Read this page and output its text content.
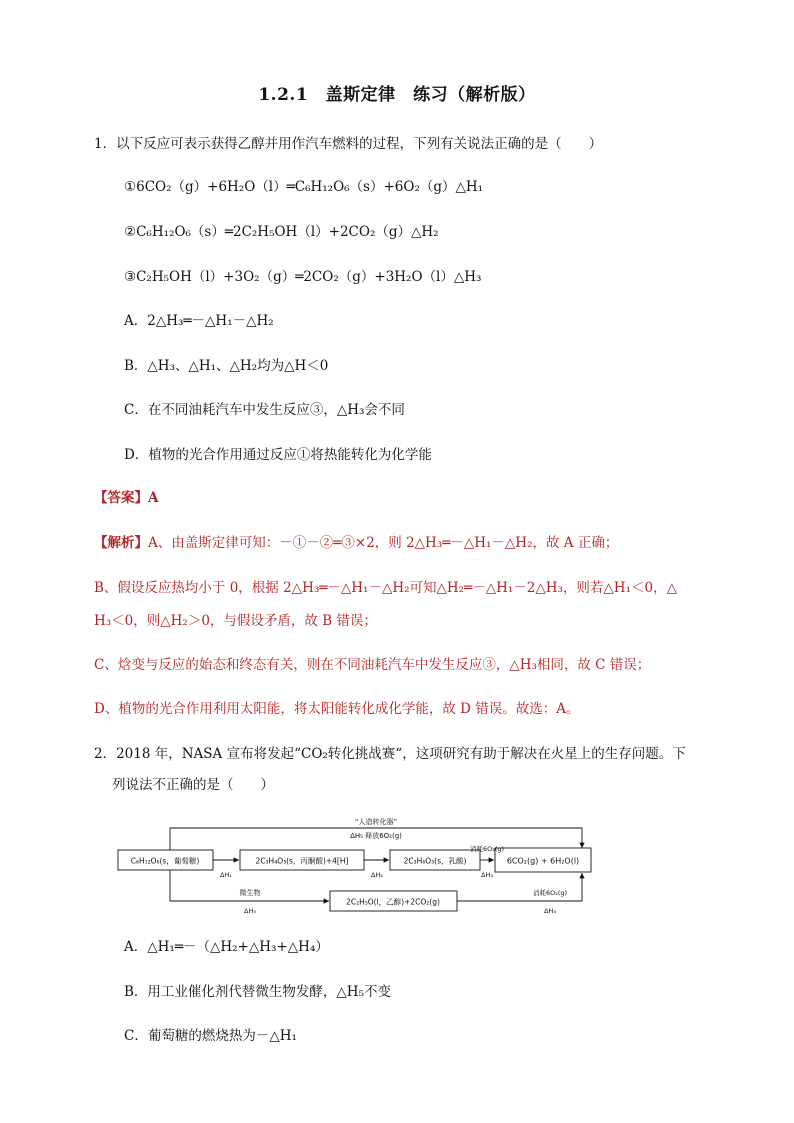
1.2.1　盖斯定律　练习（解析版）
1．以下反应可表示获得乙醇并用作汽车燃料的过程，下列有关说法正确的是（　　）
①6CO₂（g）+6H₂O（l）═C₆H₁₂O₆（s）+6O₂（g）△H₁
②C₆H₁₂O₆（s）═2C₂H₅OH（l）+2CO₂（g）△H₂
③C₂H₅OH（l）+3O₂（g）═2CO₂（g）+3H₂O（l）△H₃
A．2△H₃═－△H₁－△H₂
B．△H₃、△H₁、△H₂均为△H＜0
C．在不同油耗汽车中发生反应③，△H₃会不同
D．植物的光合作用通过反应①将热能转化为化学能
【答案】A
【解析】A、由盖斯定律可知：－①－②═③×2，则 2△H₃═－△H₁－△H₂，故 A 正确；
B、假设反应热均小于 0，根据 2△H₃═－△H₁－△H₂可知△H₂═－△H₁－2△H₃，则若△H₁＜0，△
H₃＜0，则△H₂＞0，与假设矛盾，故 B 错误；
C、焓变与反应的始态和终态有关，则在不同油耗汽车中发生反应③，△H₃相同，故 C 错误；
D、植物的光合作用利用太阳能，将太阳能转化成化学能，故 D 错误。故选：A。
2．2018 年，NASA 宣布将发起“CO₂转化挑战赛“，这项研究有助于解决在火星上的生存问题。下
列说法不正确的是（　　）
“人造转化器”
ΔH₅ 释放6O₂(g)
C₆H₁₂O₆(s，葡萄糖)	2C₃H₄O₃(s，丙酮酸)+4[H]	2C₃H₆O₃(s，乳酸)	6CO₂(g) + 6H₂O(l)
2C₂H₅O(l，乙醇)+2CO₂(g)
ΔH₁	ΔH₂
消耗6O₂(g)
ΔH₃
微生物
ΔH₅
消耗6O₂(g)
ΔH₄
A．△H₁═－（△H₂+△H₃+△H₄）
B．用工业催化剂代替微生物发酵，△H₅不变
C．葡萄糖的燃烧热为－△H₁
